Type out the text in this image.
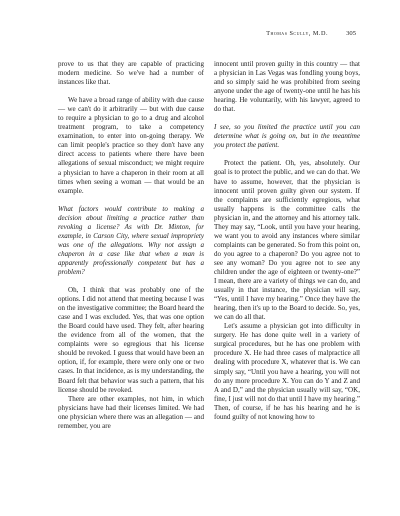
Thomas Scully, M.D.	305

prove to us that they are capable of practicing modern medicine. So we've had a number of instances like that.

We have a broad range of ability with due cause — we can't do it arbitrarily — but with due cause to require a physician to go to a drug and alcohol treatment program, to take a competency examination, to enter into on-going therapy. We can limit people's practice so they don't have any direct access to patients where there have been allegations of sexual misconduct; we might require a physician to have a chaperon in their room at all times when seeing a woman — that would be an example.

What factors would contribute to making a decision about limiting a practice rather than revoking a license? As with Dr. Minton, for example, in Carson City, where sexual impropriety was one of the allegations. Why not assign a chaperon in a case like that when a man is apparently professionally competent but has a problem?

Oh, I think that was probably one of the options. I did not attend that meeting because I was on the investigative committee; the Board heard the case and I was excluded. Yes, that was one option the Board could have used. They felt, after hearing the evidence from all of the women, that the complaints were so egregious that his license should be revoked. I guess that would have been an option, if, for example, there were only one or two cases. In that incidence, as is my understanding, the Board felt that behavior was such a pattern, that his license should be revoked.

There are other examples, not him, in which physicians have had their licenses limited. We had one physician where there was an allegation — and remember, you are

innocent until proven guilty in this country — that a physician in Las Vegas was fondling young boys, and so simply said he was prohibited from seeing anyone under the age of twenty-one until he has his hearing. He voluntarily, with his lawyer, agreed to do that.

I see, so you limited the practice until you can determine what is going on, but in the meantime you protect the patient.

Protect the patient. Oh, yes, absolutely. Our goal is to protect the public, and we can do that. We have to assume, however, that the physician is innocent until proven guilty given our system. If the complaints are sufficiently egregious, what usually happens is the committee calls the physician in, and the attorney and his attorney talk. They may say, “Look, until you have your hearing, we want you to avoid any instances where similar complaints can be generated. So from this point on, do you agree to a chaperon? Do you agree not to see any woman? Do you agree not to see any children under the age of eighteen or twenty-one?” I mean, there are a variety of things we can do, and usually in that instance, the physician will say, “Yes, until I have my hearing.” Once they have the hearing, then it's up to the Board to decide. So, yes, we can do all that.

Let's assume a physician got into difficulty in surgery. He has done quite well in a variety of surgical procedures, but he has one problem with procedure X. He had three cases of malpractice all dealing with procedure X, whatever that is. We can simply say, “Until you have a hearing, you will not do any more procedure X. You can do Y and Z and A and D,” and the physician usually will say, “OK, fine, I just will not do that until I have my hearing.” Then, of course, if he has his hearing and he is found guilty of not knowing how to
